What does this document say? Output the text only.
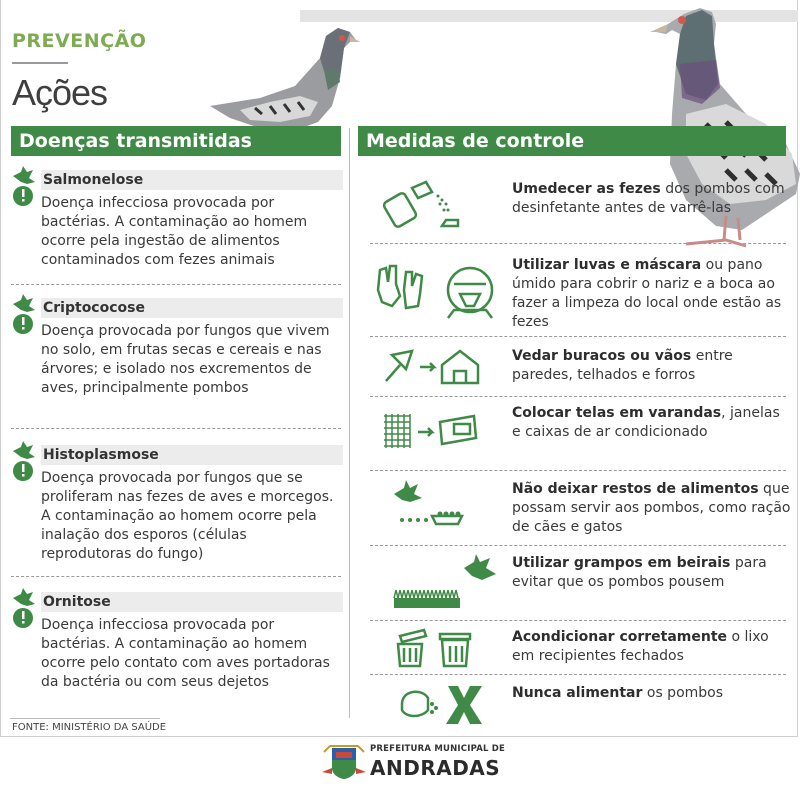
PREVENÇÃO
Ações
Doenças transmitidas	Medidas de controle
Salmonelose
Doença infecciosa provocada por bactérias. A contaminação ao homem ocorre pela ingestão de alimentos contaminados com fezes animais
Criptococose
Doença provocada por fungos que vivem no solo, em frutas secas e cereais e nas árvores; e isolado nos excrementos de aves, principalmente pombos
Histoplasmose
Doença provocada por fungos que se proliferam nas fezes de aves e morcegos. A contaminação ao homem ocorre pela inalação dos esporos (células reprodutoras do fungo)
Ornitose
Doença infecciosa provocada por bactérias. A contaminação ao homem ocorre pelo contato com aves portadoras da bactéria ou com seus dejetos
Umedecer as fezes dos pombos com desinfetante antes de varrê-las
Utilizar luvas e máscara ou pano úmido para cobrir o nariz e a boca ao fazer a limpeza do local onde estão as fezes
Vedar buracos ou vãos entre paredes, telhados e forros
Colocar telas em varandas, janelas e caixas de ar condicionado
Não deixar restos de alimentos que possam servir aos pombos, como ração de cães e gatos
Utilizar grampos em beirais para evitar que os pombos pousem
Acondicionar corretamente o lixo em recipientes fechados
Nunca alimentar os pombos
FONTE: MINISTÉRIO DA SAÚDE
PREFEITURA MUNICIPAL DE
ANDRADAS
